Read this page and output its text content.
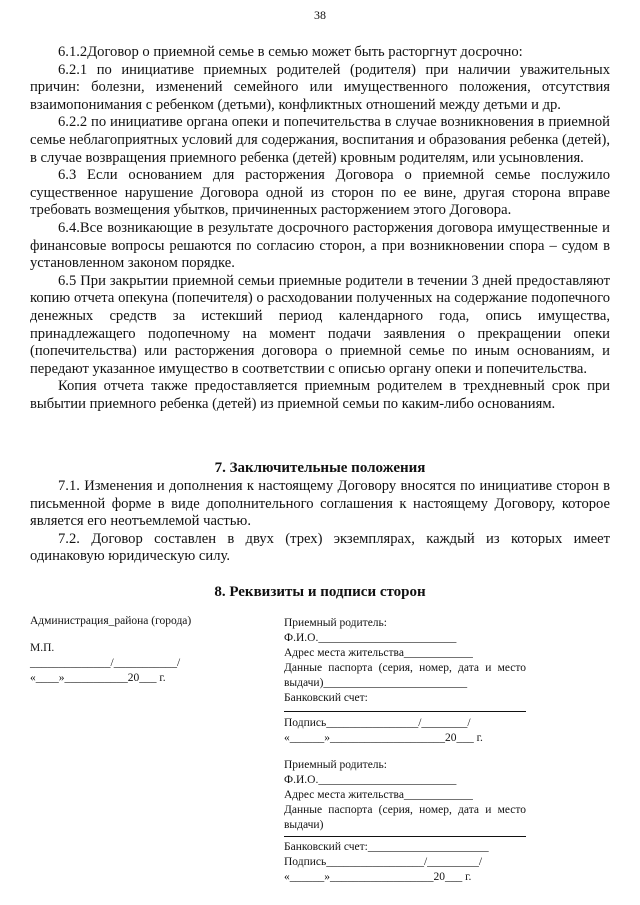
38

6.1.2Договор о приемной семье в семью может быть расторгнут досрочно:

6.2.1 по инициативе приемных родителей (родителя) при наличии уважительных причин: болезни, изменений семейного или имущественного положения, отсутствия взаимопонимания с ребенком (детьми), конфликтных отношений между детьми и др.

6.2.2 по инициативе органа опеки и попечительства в случае возникновения в приемной семье неблагоприятных условий для содержания, воспитания и образования ребенка (детей), в случае возвращения приемного ребенка (детей) кровным родителям, или усыновления.

6.3 Если основанием для расторжения Договора о приемной семье послужило существенное нарушение Договора одной из сторон по ее вине, другая сторона вправе требовать возмещения убытков, причиненных расторжением этого Договора.

6.4.Все возникающие в результате досрочного расторжения договора имущественные и финансовые вопросы решаются по согласию сторон, а при возникновении спора – судом в установленном законом порядке.

6.5 При закрытии приемной семьи приемные родители в течении 3 дней предоставляют копию отчета опекуна (попечителя) о расходовании полученных на содержание подопечного денежных средств за истекший период календарного года, опись имущества, принадлежащего подопечному на момент подачи заявления о прекращении опеки (попечительства) или расторжения договора о приемной семье по иным основаниям, и передают указанное имущество в соответствии с описью органу опеки и попечительства.

Копия отчета также предоставляется приемным родителем в трехдневный срок при выбытии приемного ребенка (детей) из приемной семьи по каким-либо основаниям.

7. Заключительные положения

7.1. Изменения и дополнения к настоящему Договору вносятся по инициативе сторон в письменной форме в виде дополнительного соглашения к настоящему Договору, которое является его неотъемлемой частью.

7.2. Договор составлен в двух (трех) экземплярах, каждый из которых имеет одинаковую юридическую силу.

8. Реквизиты и подписи сторон
Администрация_района (города)
М.П.
______________/___________/
«____»___________20___ г.
Приемный родитель:
Ф.И.О.________________________
Адрес места жительства____________
Данные паспорта (серия, номер, дата и место выдачи)_________________________
Банковский счет:
Подпись________________/________/
«______»____________________20___ г.
Приемный родитель:
Ф.И.О.________________________
Адрес места жительства____________
Данные паспорта (серия, номер, дата и место выдачи)
Банковский счет:_____________________
Подпись_________________/_________/
«______»__________________20___ г.
